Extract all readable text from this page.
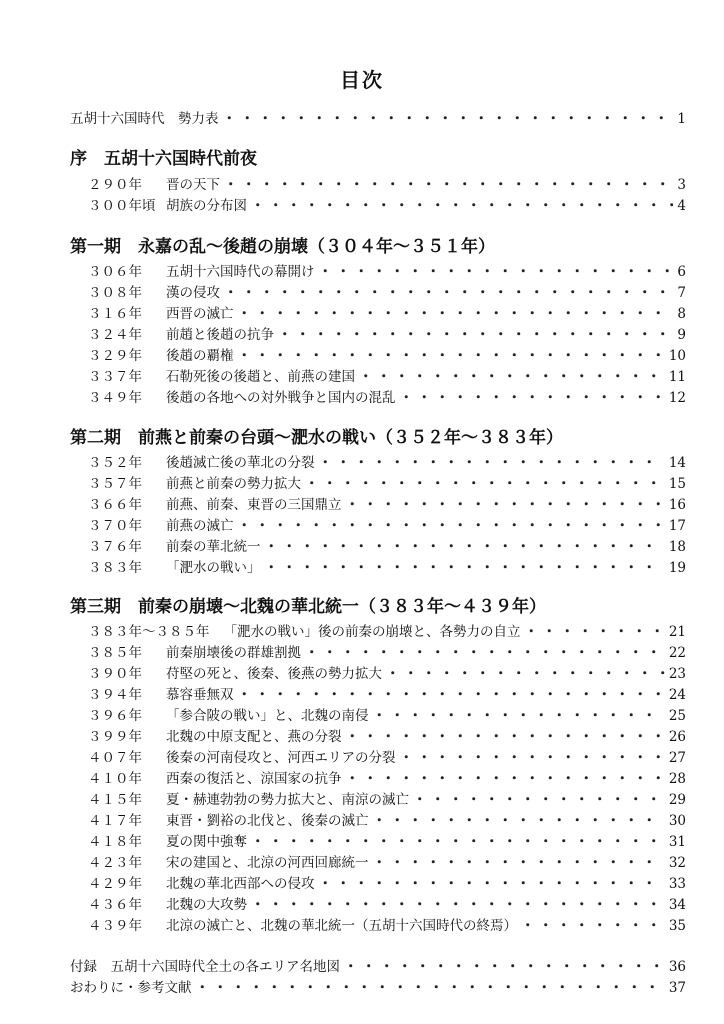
目次
五胡十六国時代　勢力表 ・・・・・・・・・・・・・・・・・・・・・・・・・・・・・・・・・・・・・・・・・・・・・・・・・・・・・・・・・・・・	1
序　五胡十六国時代前夜
２９０年	晋の天下 ・・・・・・・・・・・・・・・・・・・・・・・・・・・・・・・・・・・・・・・・・・・・・・・・・・・・・・・・・・・・	3
３００年頃 胡族の分布図 ・・・・・・・・・・・・・・・・・・・・・・・・・・・・・・・・・・・・・・・・・・・・・・・・・・・・・・・・・・・・	4
第一期　永嘉の乱～後趙の崩壊（３０４年～３５１年）
３０６年	五胡十六国時代の幕開け ・・・・・・・・・・・・・・・・・・・・・・・・・・・・・・・・・・・・・・・・・・・・・・・・・・・・・・・・・・・・	6
３０８年	漢の侵攻 ・・・・・・・・・・・・・・・・・・・・・・・・・・・・・・・・・・・・・・・・・・・・・・・・・・・・・・・・・・・・	7
３１６年	西晋の滅亡 ・・・・・・・・・・・・・・・・・・・・・・・・・・・・・・・・・・・・・・・・・・・・・・・・・・・・・・・・・・・・	8
３２４年	前趙と後趙の抗争 ・・・・・・・・・・・・・・・・・・・・・・・・・・・・・・・・・・・・・・・・・・・・・・・・・・・・・・・・・・・・	9
３２９年	後趙の覇権 ・・・・・・・・・・・・・・・・・・・・・・・・・・・・・・・・・・・・・・・・・・・・・・・・・・・・・・・・・・・・	10
３３７年	石勒死後の後趙と、前燕の建国 ・・・・・・・・・・・・・・・・・・・・・・・・・・・・・・・・・・・・・・・・・・・・・・・・・・・・・・・・・・・・	11
３４９年	後趙の各地への対外戦争と国内の混乱 ・・・・・・・・・・・・・・・・・・・・・・・・・・・・・・・・・・・・・・・・・・・・・・・・・・・・・・・・・・・・	12
第二期　前燕と前秦の台頭～淝水の戦い（３５２年～３８３年）
３５２年	後趙滅亡後の華北の分裂 ・・・・・・・・・・・・・・・・・・・・・・・・・・・・・・・・・・・・・・・・・・・・・・・・・・・・・・・・・・・・	14
３５７年	前燕と前秦の勢力拡大 ・・・・・・・・・・・・・・・・・・・・・・・・・・・・・・・・・・・・・・・・・・・・・・・・・・・・・・・・・・・・	15
３６６年	前燕、前秦、東晋の三国鼎立 ・・・・・・・・・・・・・・・・・・・・・・・・・・・・・・・・・・・・・・・・・・・・・・・・・・・・・・・・・・・・	16
３７０年	前燕の滅亡 ・・・・・・・・・・・・・・・・・・・・・・・・・・・・・・・・・・・・・・・・・・・・・・・・・・・・・・・・・・・・	17
３７６年	前秦の華北統一 ・・・・・・・・・・・・・・・・・・・・・・・・・・・・・・・・・・・・・・・・・・・・・・・・・・・・・・・・・・・・	18
３８３年	「淝水の戦い」 ・・・・・・・・・・・・・・・・・・・・・・・・・・・・・・・・・・・・・・・・・・・・・・・・・・・・・・・・・・・・	19
第三期　前秦の崩壊～北魏の華北統一（３８３年～４３９年）
３８３年～３８５年 「淝水の戦い」後の前秦の崩壊と、各勢力の自立 ・・・・・・・・・・・・・・・・・・・・・・・・・・・・・・・・・・・・・・・・・・・・・・・・・・・・・・・・・・・・	21
３８５年	前秦崩壊後の群雄割拠 ・・・・・・・・・・・・・・・・・・・・・・・・・・・・・・・・・・・・・・・・・・・・・・・・・・・・・・・・・・・・	22
３９０年	苻堅の死と、後秦、後燕の勢力拡大 ・・・・・・・・・・・・・・・・・・・・・・・・・・・・・・・・・・・・・・・・・・・・・・・・・・・・・・・・・・・・	23
３９４年	慕容垂無双 ・・・・・・・・・・・・・・・・・・・・・・・・・・・・・・・・・・・・・・・・・・・・・・・・・・・・・・・・・・・・	24
３９６年	「参合陂の戦い」と、北魏の南侵 ・・・・・・・・・・・・・・・・・・・・・・・・・・・・・・・・・・・・・・・・・・・・・・・・・・・・・・・・・・・・	25
３９９年	北魏の中原支配と、燕の分裂 ・・・・・・・・・・・・・・・・・・・・・・・・・・・・・・・・・・・・・・・・・・・・・・・・・・・・・・・・・・・・	26
４０７年	後秦の河南侵攻と、河西エリアの分裂 ・・・・・・・・・・・・・・・・・・・・・・・・・・・・・・・・・・・・・・・・・・・・・・・・・・・・・・・・・・・・	27
４１０年	西秦の復活と、涼国家の抗争 ・・・・・・・・・・・・・・・・・・・・・・・・・・・・・・・・・・・・・・・・・・・・・・・・・・・・・・・・・・・・	28
４１５年	夏・赫連勃勃の勢力拡大と、南涼の滅亡 ・・・・・・・・・・・・・・・・・・・・・・・・・・・・・・・・・・・・・・・・・・・・・・・・・・・・・・・・・・・・	29
４１７年	東晋・劉裕の北伐と、後秦の滅亡 ・・・・・・・・・・・・・・・・・・・・・・・・・・・・・・・・・・・・・・・・・・・・・・・・・・・・・・・・・・・・	30
４１８年	夏の関中強奪 ・・・・・・・・・・・・・・・・・・・・・・・・・・・・・・・・・・・・・・・・・・・・・・・・・・・・・・・・・・・・	31
４２３年	宋の建国と、北涼の河西回廊統一 ・・・・・・・・・・・・・・・・・・・・・・・・・・・・・・・・・・・・・・・・・・・・・・・・・・・・・・・・・・・・	32
４２９年	北魏の華北西部への侵攻 ・・・・・・・・・・・・・・・・・・・・・・・・・・・・・・・・・・・・・・・・・・・・・・・・・・・・・・・・・・・・	33
４３６年	北魏の大攻勢 ・・・・・・・・・・・・・・・・・・・・・・・・・・・・・・・・・・・・・・・・・・・・・・・・・・・・・・・・・・・・	34
４３９年	北涼の滅亡と、北魏の華北統一（五胡十六国時代の終焉） ・・・・・・・・・・・・・・・・・・・・・・・・・・・・・・・・・・・・・・・・・・・・・・・・・・・・・・・・・・・・	35
付録　五胡十六国時代全土の各エリア名地図 ・・・・・・・・・・・・・・・・・・・・・・・・・・・・・・・・・・・・・・・・・・・・・・・・・・・・・・・・・・・・	36
おわりに・参考文献 ・・・・・・・・・・・・・・・・・・・・・・・・・・・・・・・・・・・・・・・・・・・・・・・・・・・・・・・・・・・・	37
